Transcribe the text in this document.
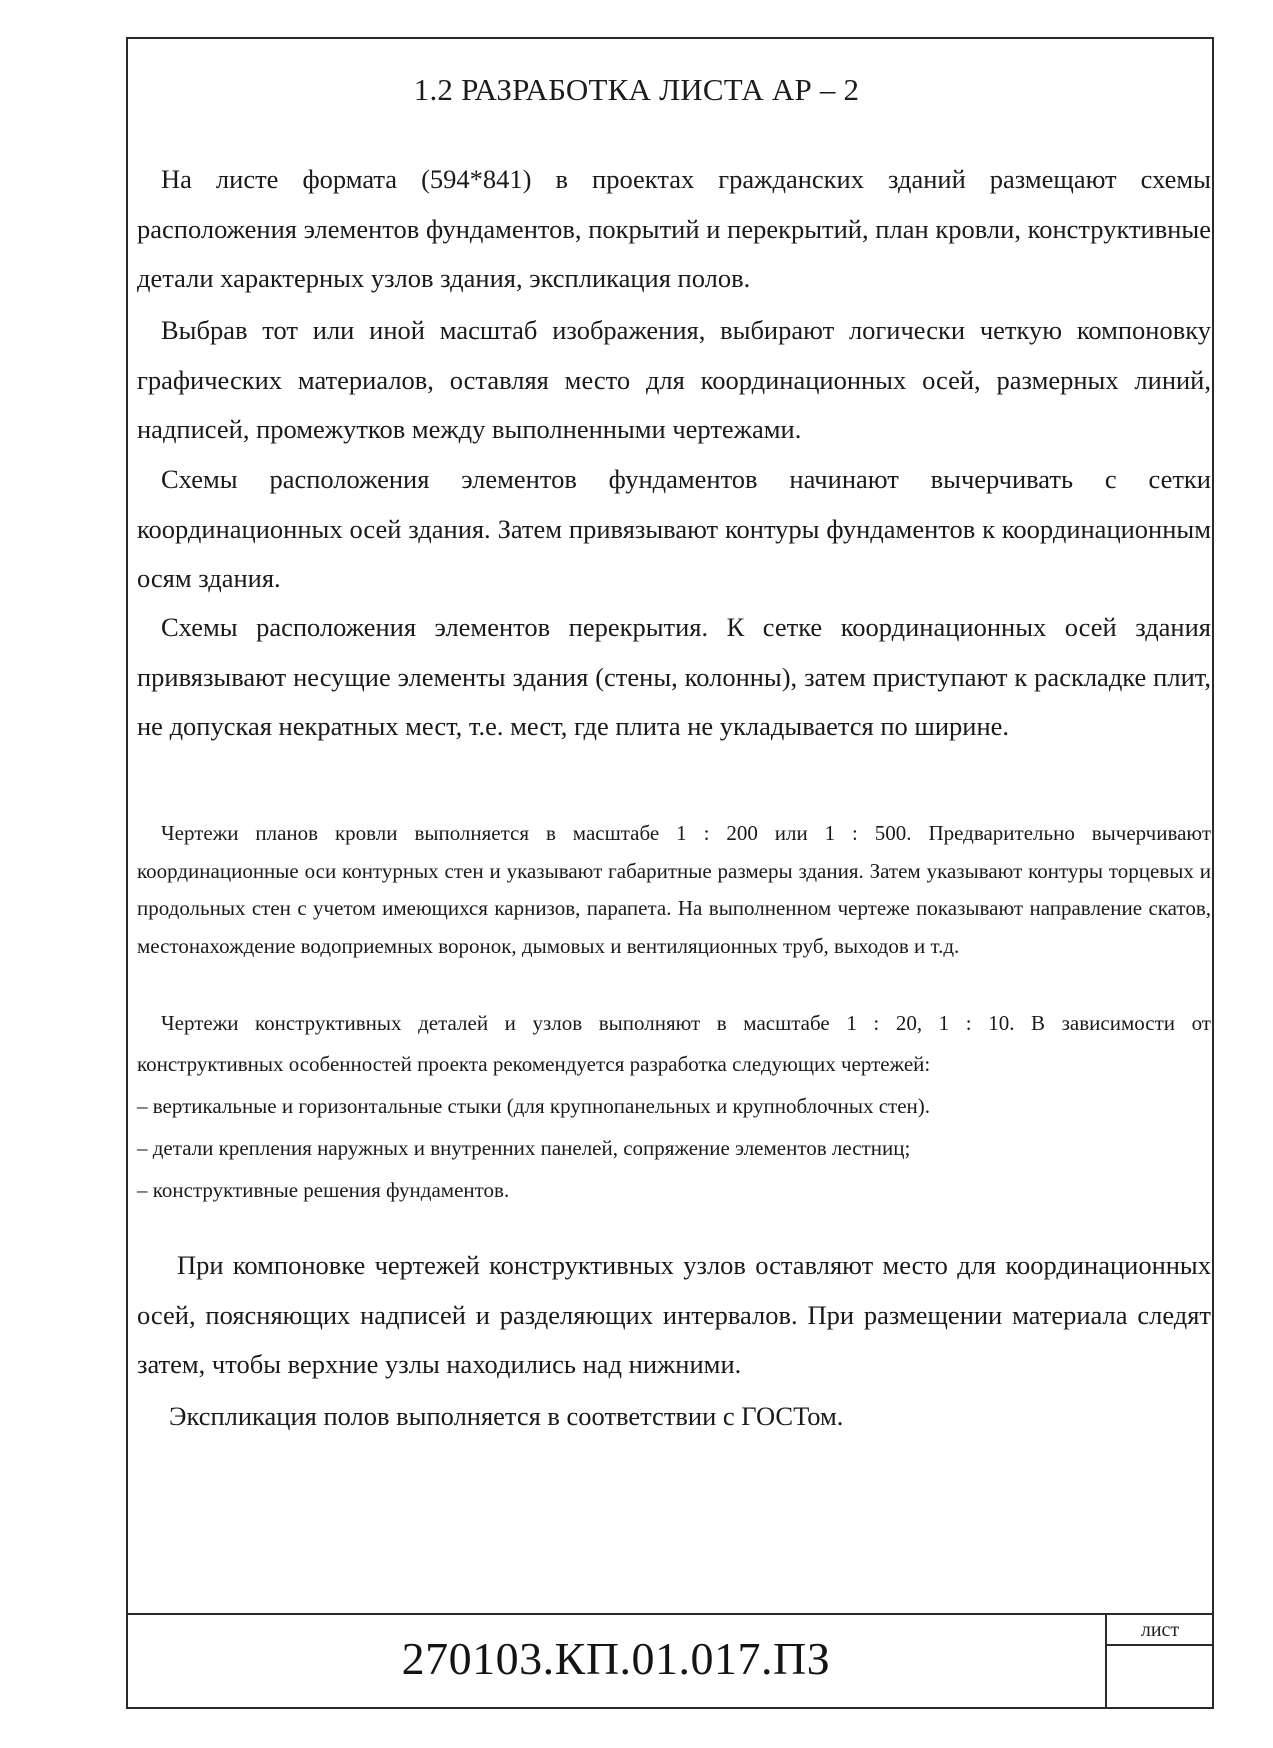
1.2 РАЗРАБОТКА ЛИСТА АР – 2

На листе формата (594*841) в проектах гражданских зданий размещают схемы расположения элементов фундаментов, покрытий и перекрытий, план кровли, конструктивные детали характерных узлов здания, экспликация полов.

Выбрав тот или иной масштаб изображения, выбирают логически четкую компоновку графических материалов, оставляя место для координационных осей, размерных линий, надписей, промежутков между выполненными чертежами.

Схемы расположения элементов фундаментов начинают вычерчивать с сетки координационных осей здания. Затем привязывают контуры фундаментов к координационным осям здания.

Схемы расположения элементов перекрытия. К сетке координационных осей здания привязывают несущие элементы здания (стены, колонны), затем приступают к раскладке плит, не допуская некратных мест, т.е. мест, где плита не укладывается по ширине.

Чертежи планов кровли выполняется в масштабе 1 : 200 или 1 : 500. Предварительно вычерчивают координационные оси контурных стен и указывают габаритные размеры здания. Затем указывают контуры торцевых и продольных стен с учетом имеющихся карнизов, парапета. На выполненном чертеже показывают направление скатов, местонахождение водоприемных воронок, дымовых и вентиляционных труб, выходов и т.д.

Чертежи конструктивных деталей и узлов выполняют в масштабе 1 : 20, 1 : 10. В зависимости от

конструктивных особенностей проекта рекомендуется разработка следующих чертежей:

– вертикальные и горизонтальные стыки (для крупнопанельных и крупноблочных стен).

– детали крепления наружных и внутренних панелей, сопряжение элементов лестниц;

– конструктивные решения фундаментов.

При компоновке чертежей конструктивных узлов оставляют место для координационных осей, поясняющих надписей и разделяющих интервалов. При размещении материала следят затем, чтобы верхние узлы находились над нижними.

Экспликация полов выполняется в соответствии с ГОСТом.

270103.КП.01.017.ПЗ
лист
